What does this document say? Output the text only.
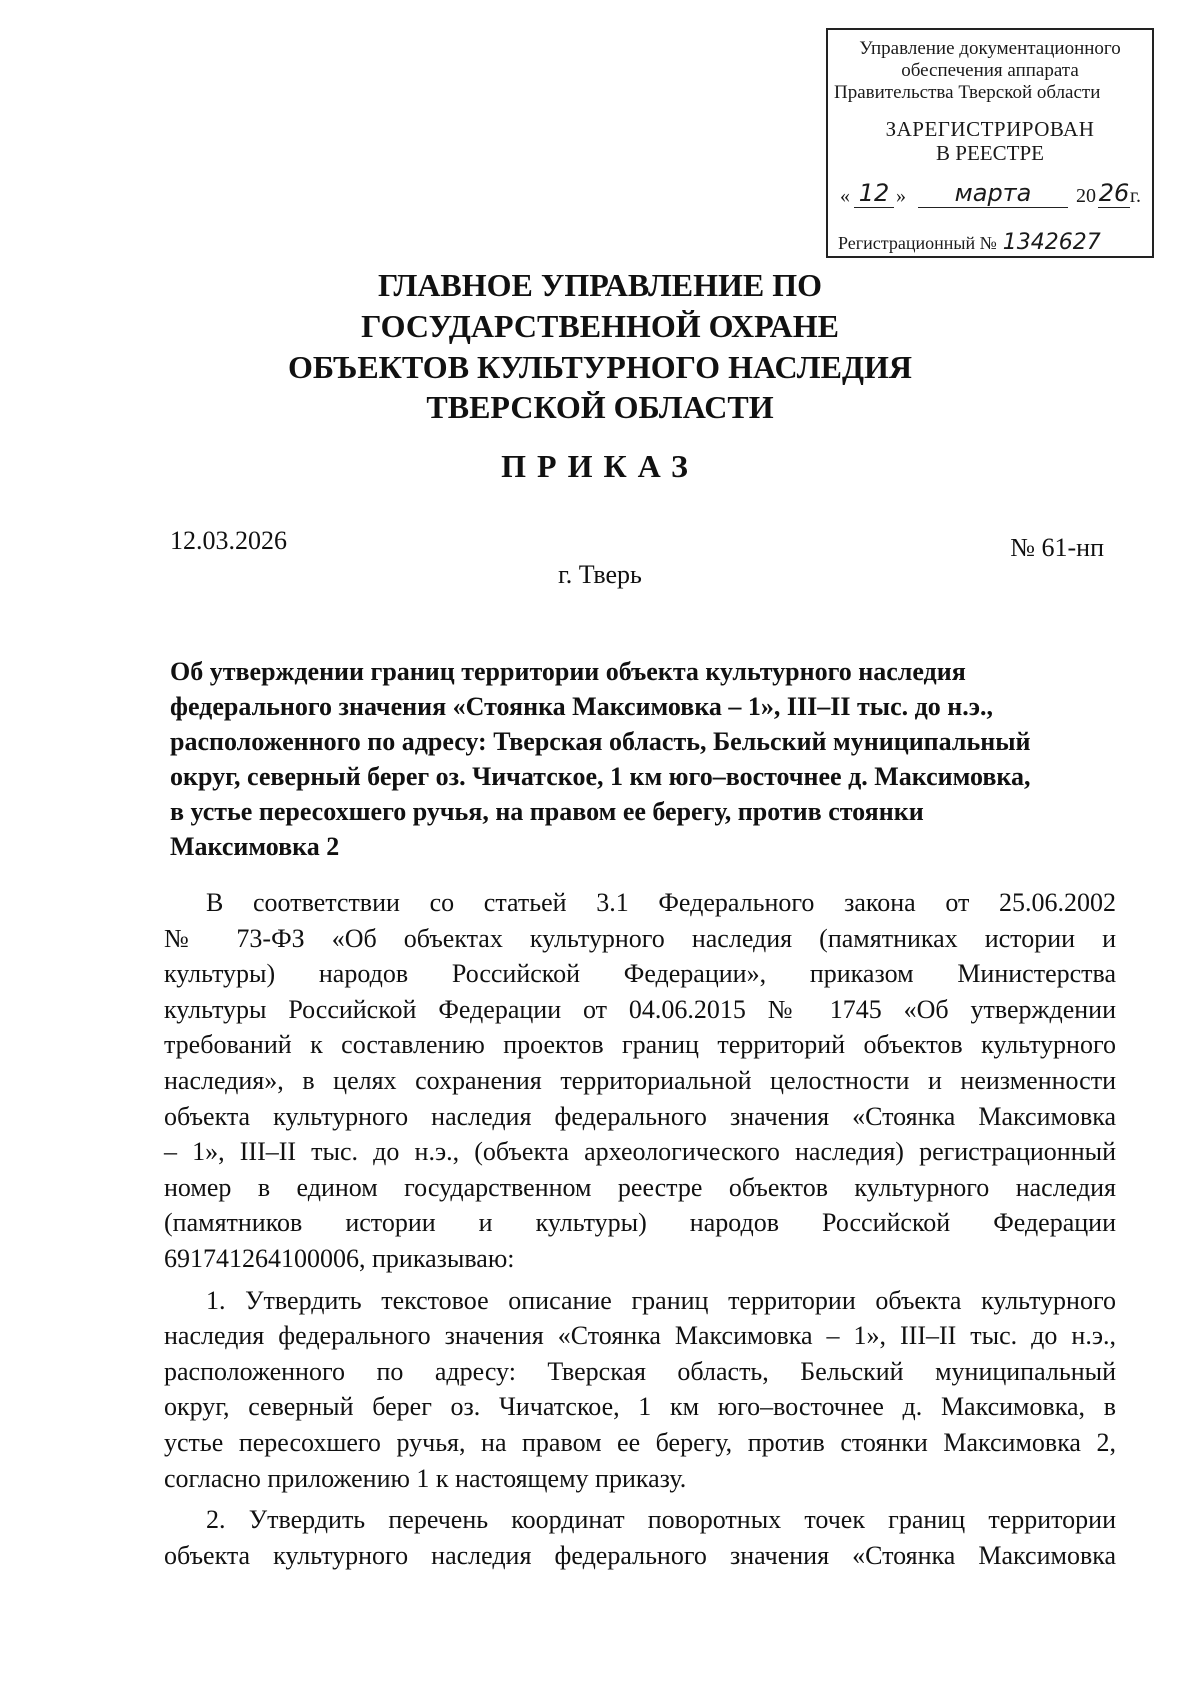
Управление документационного
обеспечения аппарата
Правительства Тверской области
ЗАРЕГИСТРИРОВАН
В РЕЕСТРЕ
« 12 »	марта	20 26 г.
Регистрационный № 1342627
ГЛАВНОЕ УПРАВЛЕНИЕ ПО
ГОСУДАРСТВЕННОЙ ОХРАНЕ
ОБЪЕКТОВ КУЛЬТУРНОГО НАСЛЕДИЯ
ТВЕРСКОЙ ОБЛАСТИ
ПРИКАЗ
12.03.2026	№ 61-нп
г. Тверь
Об утверждении границ территории объекта культурного наследия
федерального значения «Стоянка Максимовка – 1», III–II тыс. до н.э.,
расположенного по адресу: Тверская область, Бельский муниципальный
округ, северный берег оз. Чичатское, 1 км юго–восточнее д. Максимовка,
в устье пересохшего ручья, на правом ее берегу, против стоянки
Максимовка 2
В соответствии со статьей 3.1 Федерального закона от 25.06.2002
№ 73-ФЗ «Об объектах культурного наследия (памятниках истории и
культуры) народов Российской Федерации», приказом Министерства
культуры Российской Федерации от 04.06.2015 № 1745 «Об утверждении
требований к составлению проектов границ территорий объектов культурного
наследия», в целях сохранения территориальной целостности и неизменности
объекта культурного наследия федерального значения «Стоянка Максимовка
– 1», III–II тыс. до н.э., (объекта археологического наследия) регистрационный
номер в едином государственном реестре объектов культурного наследия
(памятников истории и культуры) народов Российской Федерации
691741264100006, приказываю:
1. Утвердить текстовое описание границ территории объекта культурного
наследия федерального значения «Стоянка Максимовка – 1», III–II тыс. до н.э.,
расположенного по адресу: Тверская область, Бельский муниципальный
округ, северный берег оз. Чичатское, 1 км юго–восточнее д. Максимовка, в
устье пересохшего ручья, на правом ее берегу, против стоянки Максимовка 2,
согласно приложению 1 к настоящему приказу.
2. Утвердить перечень координат поворотных точек границ территории
объекта культурного наследия федерального значения «Стоянка Максимовка
